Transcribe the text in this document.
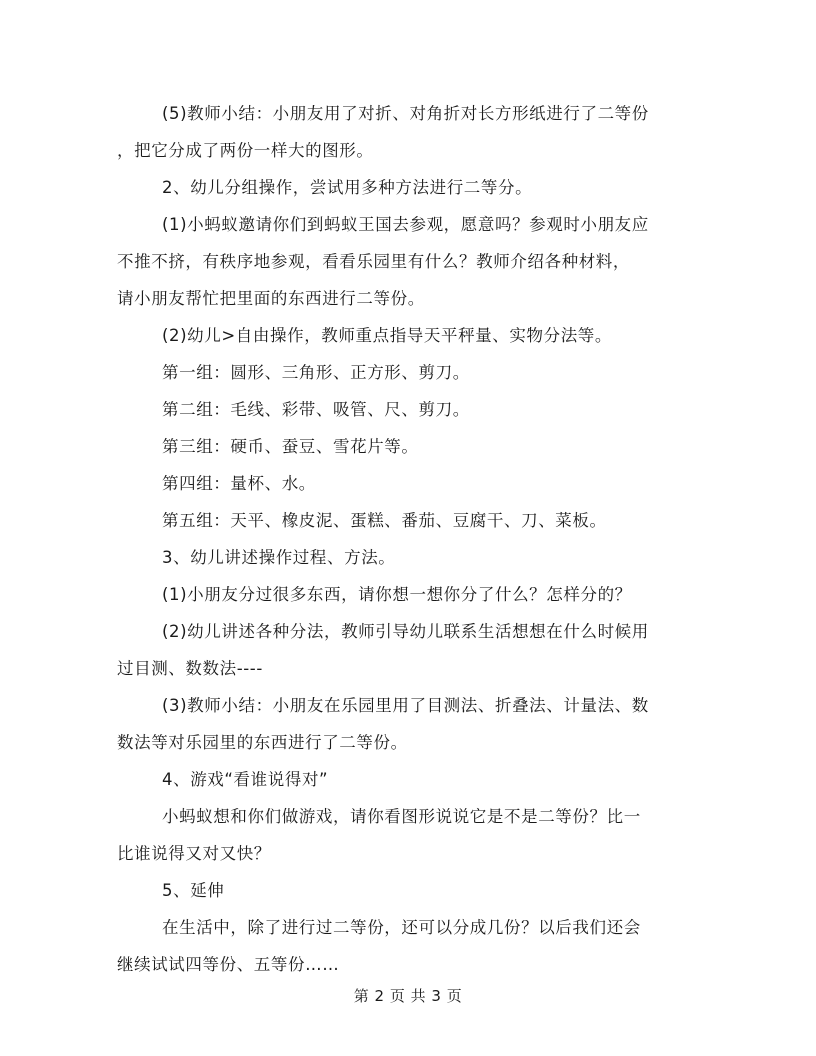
(5)教师小结：小朋友用了对折、对角折对长方形纸进行了二等份
，把它分成了两份一样大的图形。

2、幼儿分组操作，尝试用多种方法进行二等分。

(1)小蚂蚁邀请你们到蚂蚁王国去参观，愿意吗？参观时小朋友应
不推不挤，有秩序地参观，看看乐园里有什么？教师介绍各种材料，
请小朋友帮忙把里面的东西进行二等份。

(2)幼儿>自由操作，教师重点指导天平秤量、实物分法等。

第一组：圆形、三角形、正方形、剪刀。

第二组：毛线、彩带、吸管、尺、剪刀。

第三组：硬币、蚕豆、雪花片等。

第四组：量杯、水。

第五组：天平、橡皮泥、蛋糕、番茄、豆腐干、刀、菜板。

3、幼儿讲述操作过程、方法。

(1)小朋友分过很多东西，请你想一想你分了什么？怎样分的？

(2)幼儿讲述各种分法，教师引导幼儿联系生活想想在什么时候用
过目测、数数法----

(3)教师小结：小朋友在乐园里用了目测法、折叠法、计量法、数
数法等对乐园里的东西进行了二等份。

4、游戏“看谁说得对”

小蚂蚁想和你们做游戏，请你看图形说说它是不是二等份？比一
比谁说得又对又快？

5、延伸

在生活中，除了进行过二等份，还可以分成几份？以后我们还会
继续试试四等份、五等份……

第 2 页 共 3 页
